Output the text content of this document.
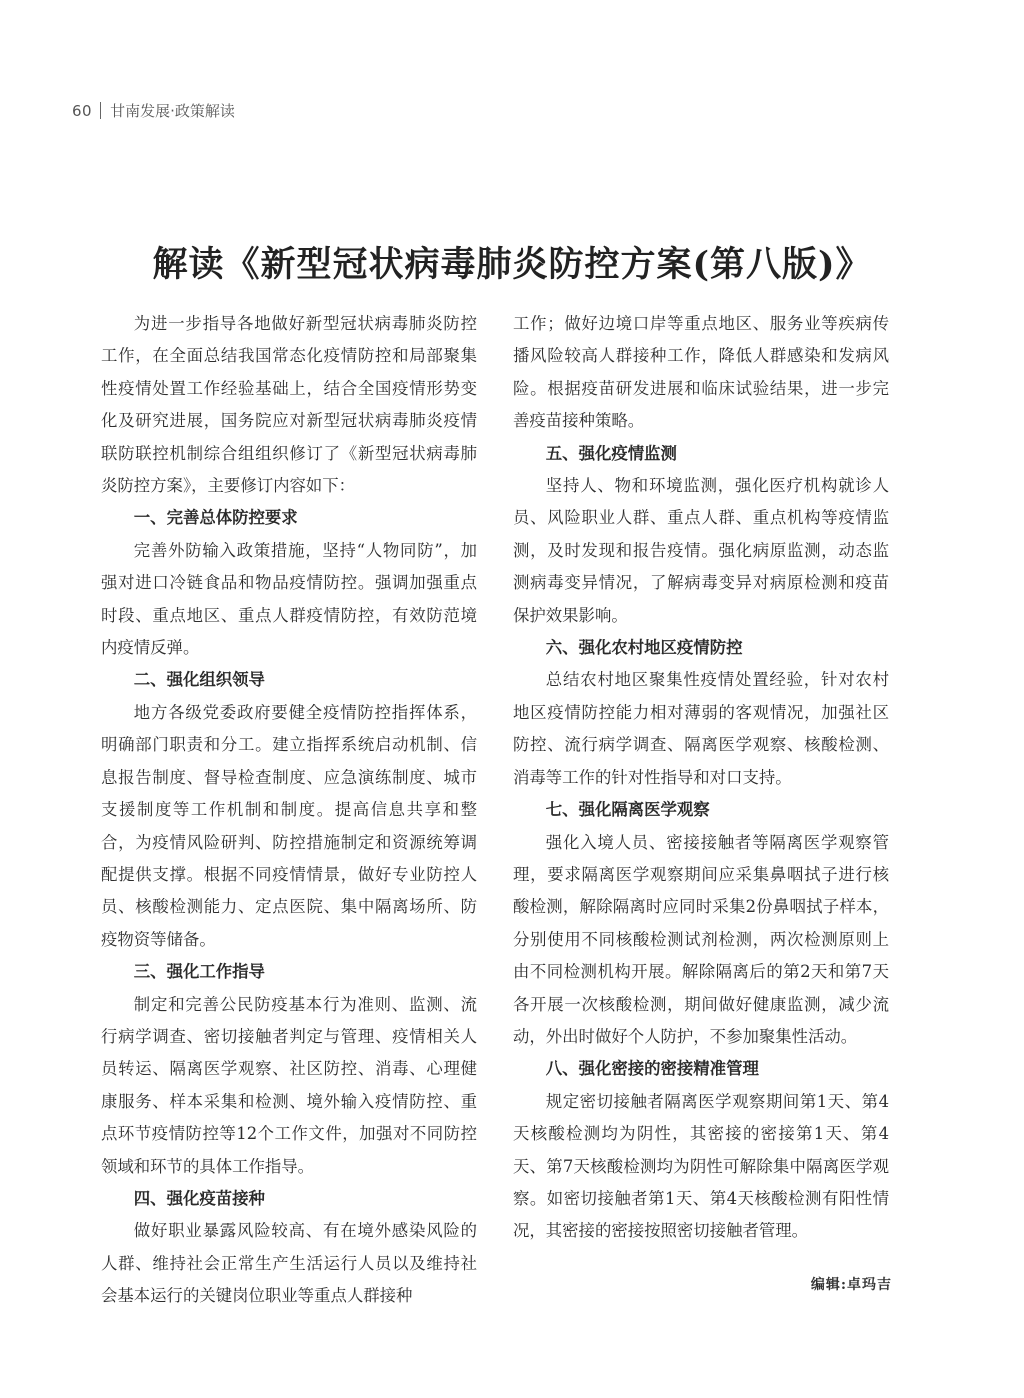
60 甘南发展·政策解读
解读《新型冠状病毒肺炎防控方案(第八版)》

为进一步指导各地做好新型冠状病毒肺炎防控工作，在全面总结我国常态化疫情防控和局部聚集性疫情处置工作经验基础上，结合全国疫情形势变化及研究进展，国务院应对新型冠状病毒肺炎疫情联防联控机制综合组组织修订了《新型冠状病毒肺炎防控方案》，主要修订内容如下：

一、完善总体防控要求

完善外防输入政策措施，坚持“人物同防”，加强对进口冷链食品和物品疫情防控。强调加强重点时段、重点地区、重点人群疫情防控，有效防范境内疫情反弹。

二、强化组织领导

地方各级党委政府要健全疫情防控指挥体系，明确部门职责和分工。建立指挥系统启动机制、信息报告制度、督导检查制度、应急演练制度、城市支援制度等工作机制和制度。提高信息共享和整合，为疫情风险研判、防控措施制定和资源统筹调配提供支撑。根据不同疫情情景，做好专业防控人员、核酸检测能力、定点医院、集中隔离场所、防疫物资等储备。

三、强化工作指导

制定和完善公民防疫基本行为准则、监测、流行病学调查、密切接触者判定与管理、疫情相关人员转运、隔离医学观察、社区防控、消毒、心理健康服务、样本采集和检测、境外输入疫情防控、重点环节疫情防控等12个工作文件，加强对不同防控领域和环节的具体工作指导。

四、强化疫苗接种

做好职业暴露风险较高、有在境外感染风险的人群、维持社会正常生产生活运行人员以及维持社会基本运行的关键岗位职业等重点人群接种

工作；做好边境口岸等重点地区、服务业等疾病传播风险较高人群接种工作，降低人群感染和发病风险。根据疫苗研发进展和临床试验结果，进一步完善疫苗接种策略。

五、强化疫情监测

坚持人、物和环境监测，强化医疗机构就诊人员、风险职业人群、重点人群、重点机构等疫情监测，及时发现和报告疫情。强化病原监测，动态监测病毒变异情况，了解病毒变异对病原检测和疫苗保护效果影响。

六、强化农村地区疫情防控

总结农村地区聚集性疫情处置经验，针对农村地区疫情防控能力相对薄弱的客观情况，加强社区防控、流行病学调查、隔离医学观察、核酸检测、消毒等工作的针对性指导和对口支持。

七、强化隔离医学观察

强化入境人员、密接接触者等隔离医学观察管理，要求隔离医学观察期间应采集鼻咽拭子进行核酸检测，解除隔离时应同时采集2份鼻咽拭子样本，分别使用不同核酸检测试剂检测，两次检测原则上由不同检测机构开展。解除隔离后的第2天和第7天各开展一次核酸检测，期间做好健康监测，减少流动，外出时做好个人防护，不参加聚集性活动。

八、强化密接的密接精准管理

规定密切接触者隔离医学观察期间第1天、第4天核酸检测均为阴性，其密接的密接第1天、第4天、第7天核酸检测均为阴性可解除集中隔离医学观察。如密切接触者第1天、第4天核酸检测有阳性情况，其密接的密接按照密切接触者管理。

编辑:卓玛吉
